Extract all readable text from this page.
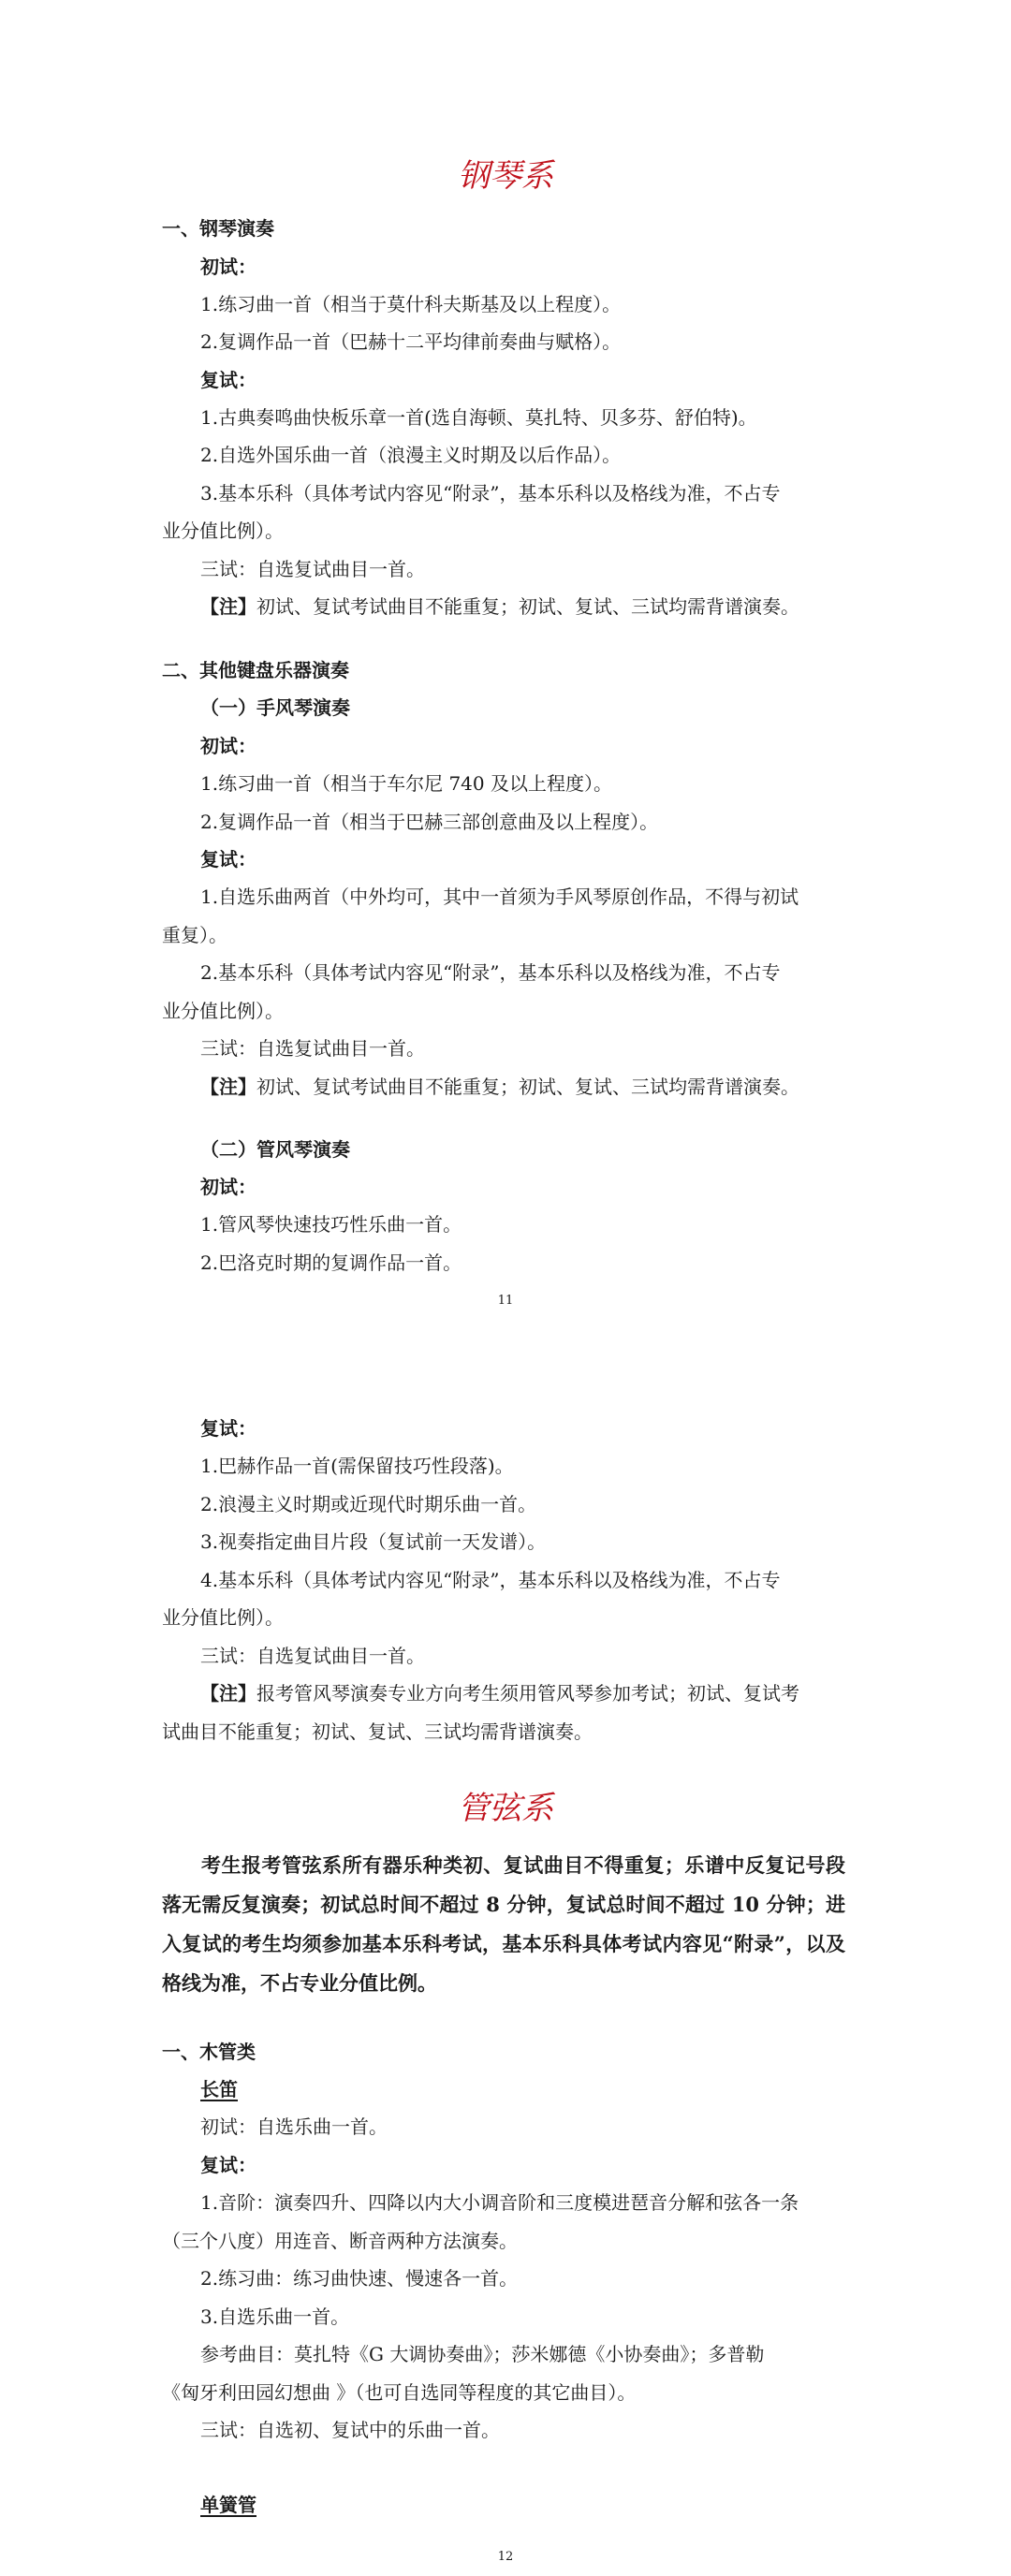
钢琴系
一、钢琴演奏
初试：
1.练习曲一首（相当于莫什科夫斯基及以上程度）。
2.复调作品一首（巴赫十二平均律前奏曲与赋格）。
复试：
1.古典奏鸣曲快板乐章一首(选自海顿、莫扎特、贝多芬、舒伯特)。
2.自选外国乐曲一首（浪漫主义时期及以后作品）。
3.基本乐科（具体考试内容见“附录”，基本乐科以及格线为准，不占专
业分值比例）。
三试：自选复试曲目一首。
【注】初试、复试考试曲目不能重复；初试、复试、三试均需背谱演奏。
二、其他键盘乐器演奏
（一）手风琴演奏
初试：
1.练习曲一首（相当于车尔尼 740 及以上程度）。
2.复调作品一首（相当于巴赫三部创意曲及以上程度）。
复试：
1.自选乐曲两首（中外均可，其中一首须为手风琴原创作品，不得与初试
重复）。
2.基本乐科（具体考试内容见“附录”，基本乐科以及格线为准，不占专
业分值比例）。
三试：自选复试曲目一首。
【注】初试、复试考试曲目不能重复；初试、复试、三试均需背谱演奏。
（二）管风琴演奏
初试：
1.管风琴快速技巧性乐曲一首。
2.巴洛克时期的复调作品一首。
11
复试：
1.巴赫作品一首(需保留技巧性段落)。
2.浪漫主义时期或近现代时期乐曲一首。
3.视奏指定曲目片段（复试前一天发谱）。
4.基本乐科（具体考试内容见“附录”，基本乐科以及格线为准，不占专
业分值比例）。
三试：自选复试曲目一首。
【注】报考管风琴演奏专业方向考生须用管风琴参加考试；初试、复试考
试曲目不能重复；初试、复试、三试均需背谱演奏。
管弦系
考生报考管弦系所有器乐种类初、复试曲目不得重复；乐谱中反复记号段落无需反复演奏；初试总时间不超过 8 分钟，复试总时间不超过 10 分钟；进入复试的考生均须参加基本乐科考试，基本乐科具体考试内容见“附录”，以及格线为准，不占专业分值比例。
一、木管类
长笛
初试：自选乐曲一首。
复试：
1.音阶：演奏四升、四降以内大小调音阶和三度模进琶音分解和弦各一条
（三个八度）用连音、断音两种方法演奏。
2.练习曲：练习曲快速、慢速各一首。
3.自选乐曲一首。
参考曲目：莫扎特《G 大调协奏曲》；莎米娜德《小协奏曲》；多普勒
《匈牙利田园幻想曲 》（也可自选同等程度的其它曲目）。
三试：自选初、复试中的乐曲一首。
单簧管
12
